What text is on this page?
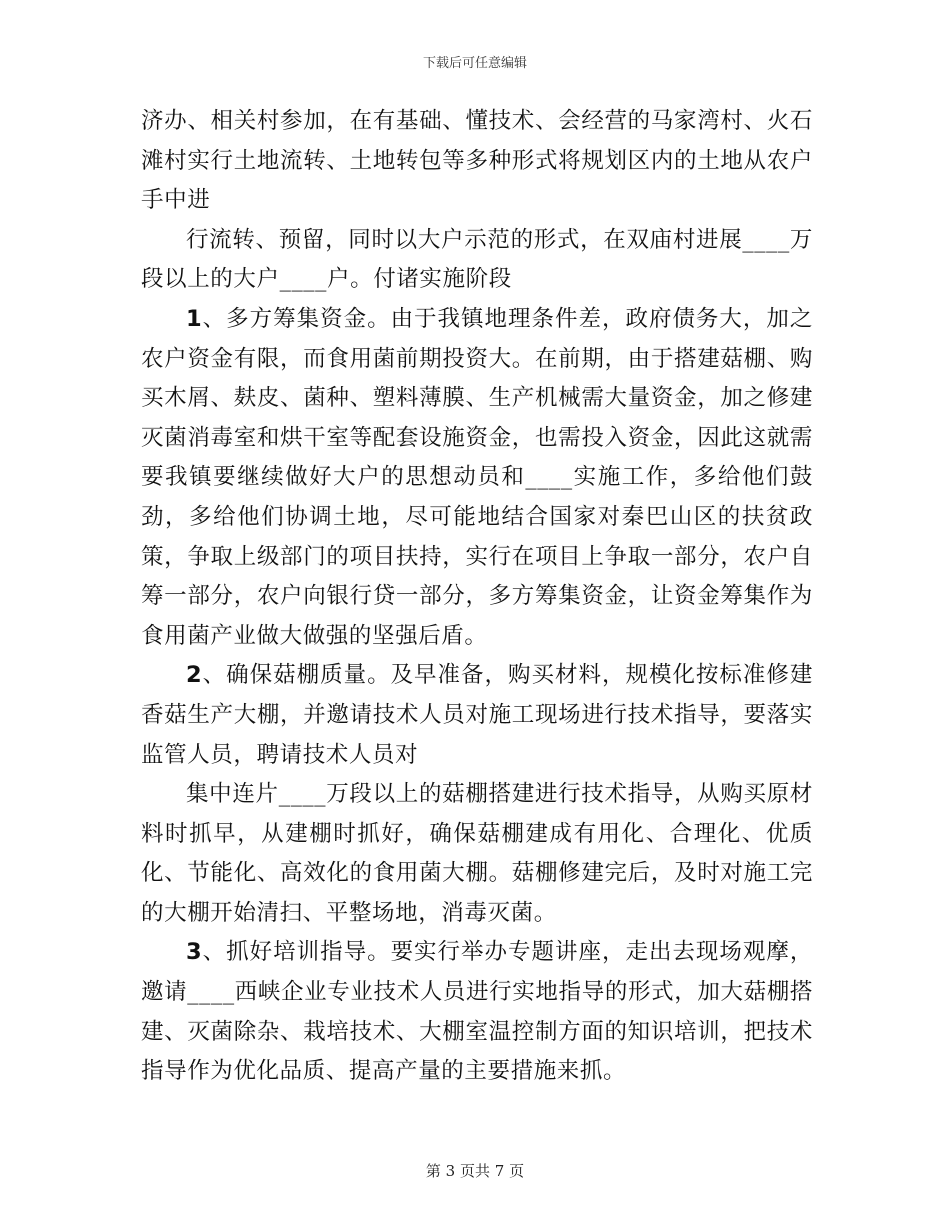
下载后可任意编辑

济办、相关村参加，在有基础、懂技术、会经营的马家湾村、火石滩村实行土地流转、土地转包等多种形式将规划区内的土地从农户手中进

行流转、预留，同时以大户示范的形式，在双庙村进展____万段以上的大户____户。付诸实施阶段

1、多方筹集资金。由于我镇地理条件差，政府债务大，加之农户资金有限，而食用菌前期投资大。在前期，由于搭建菇棚、购买木屑、麸皮、菌种、塑料薄膜、生产机械需大量资金，加之修建灭菌消毒室和烘干室等配套设施资金，也需投入资金，因此这就需要我镇要继续做好大户的思想动员和____实施工作，多给他们鼓劲，多给他们协调土地，尽可能地结合国家对秦巴山区的扶贫政策，争取上级部门的项目扶持，实行在项目上争取一部分，农户自筹一部分，农户向银行贷一部分，多方筹集资金，让资金筹集作为食用菌产业做大做强的坚强后盾。

2、确保菇棚质量。及早准备，购买材料，规模化按标准修建香菇生产大棚，并邀请技术人员对施工现场进行技术指导，要落实监管人员，聘请技术人员对

集中连片____万段以上的菇棚搭建进行技术指导，从购买原材料时抓早，从建棚时抓好，确保菇棚建成有用化、合理化、优质化、节能化、高效化的食用菌大棚。菇棚修建完后，及时对施工完的大棚开始清扫、平整场地，消毒灭菌。

3、抓好培训指导。要实行举办专题讲座，走出去现场观摩，邀请____西峡企业专业技术人员进行实地指导的形式，加大菇棚搭建、灭菌除杂、栽培技术、大棚室温控制方面的知识培训，把技术指导作为优化品质、提高产量的主要措施来抓。

第 3 页共 7 页
